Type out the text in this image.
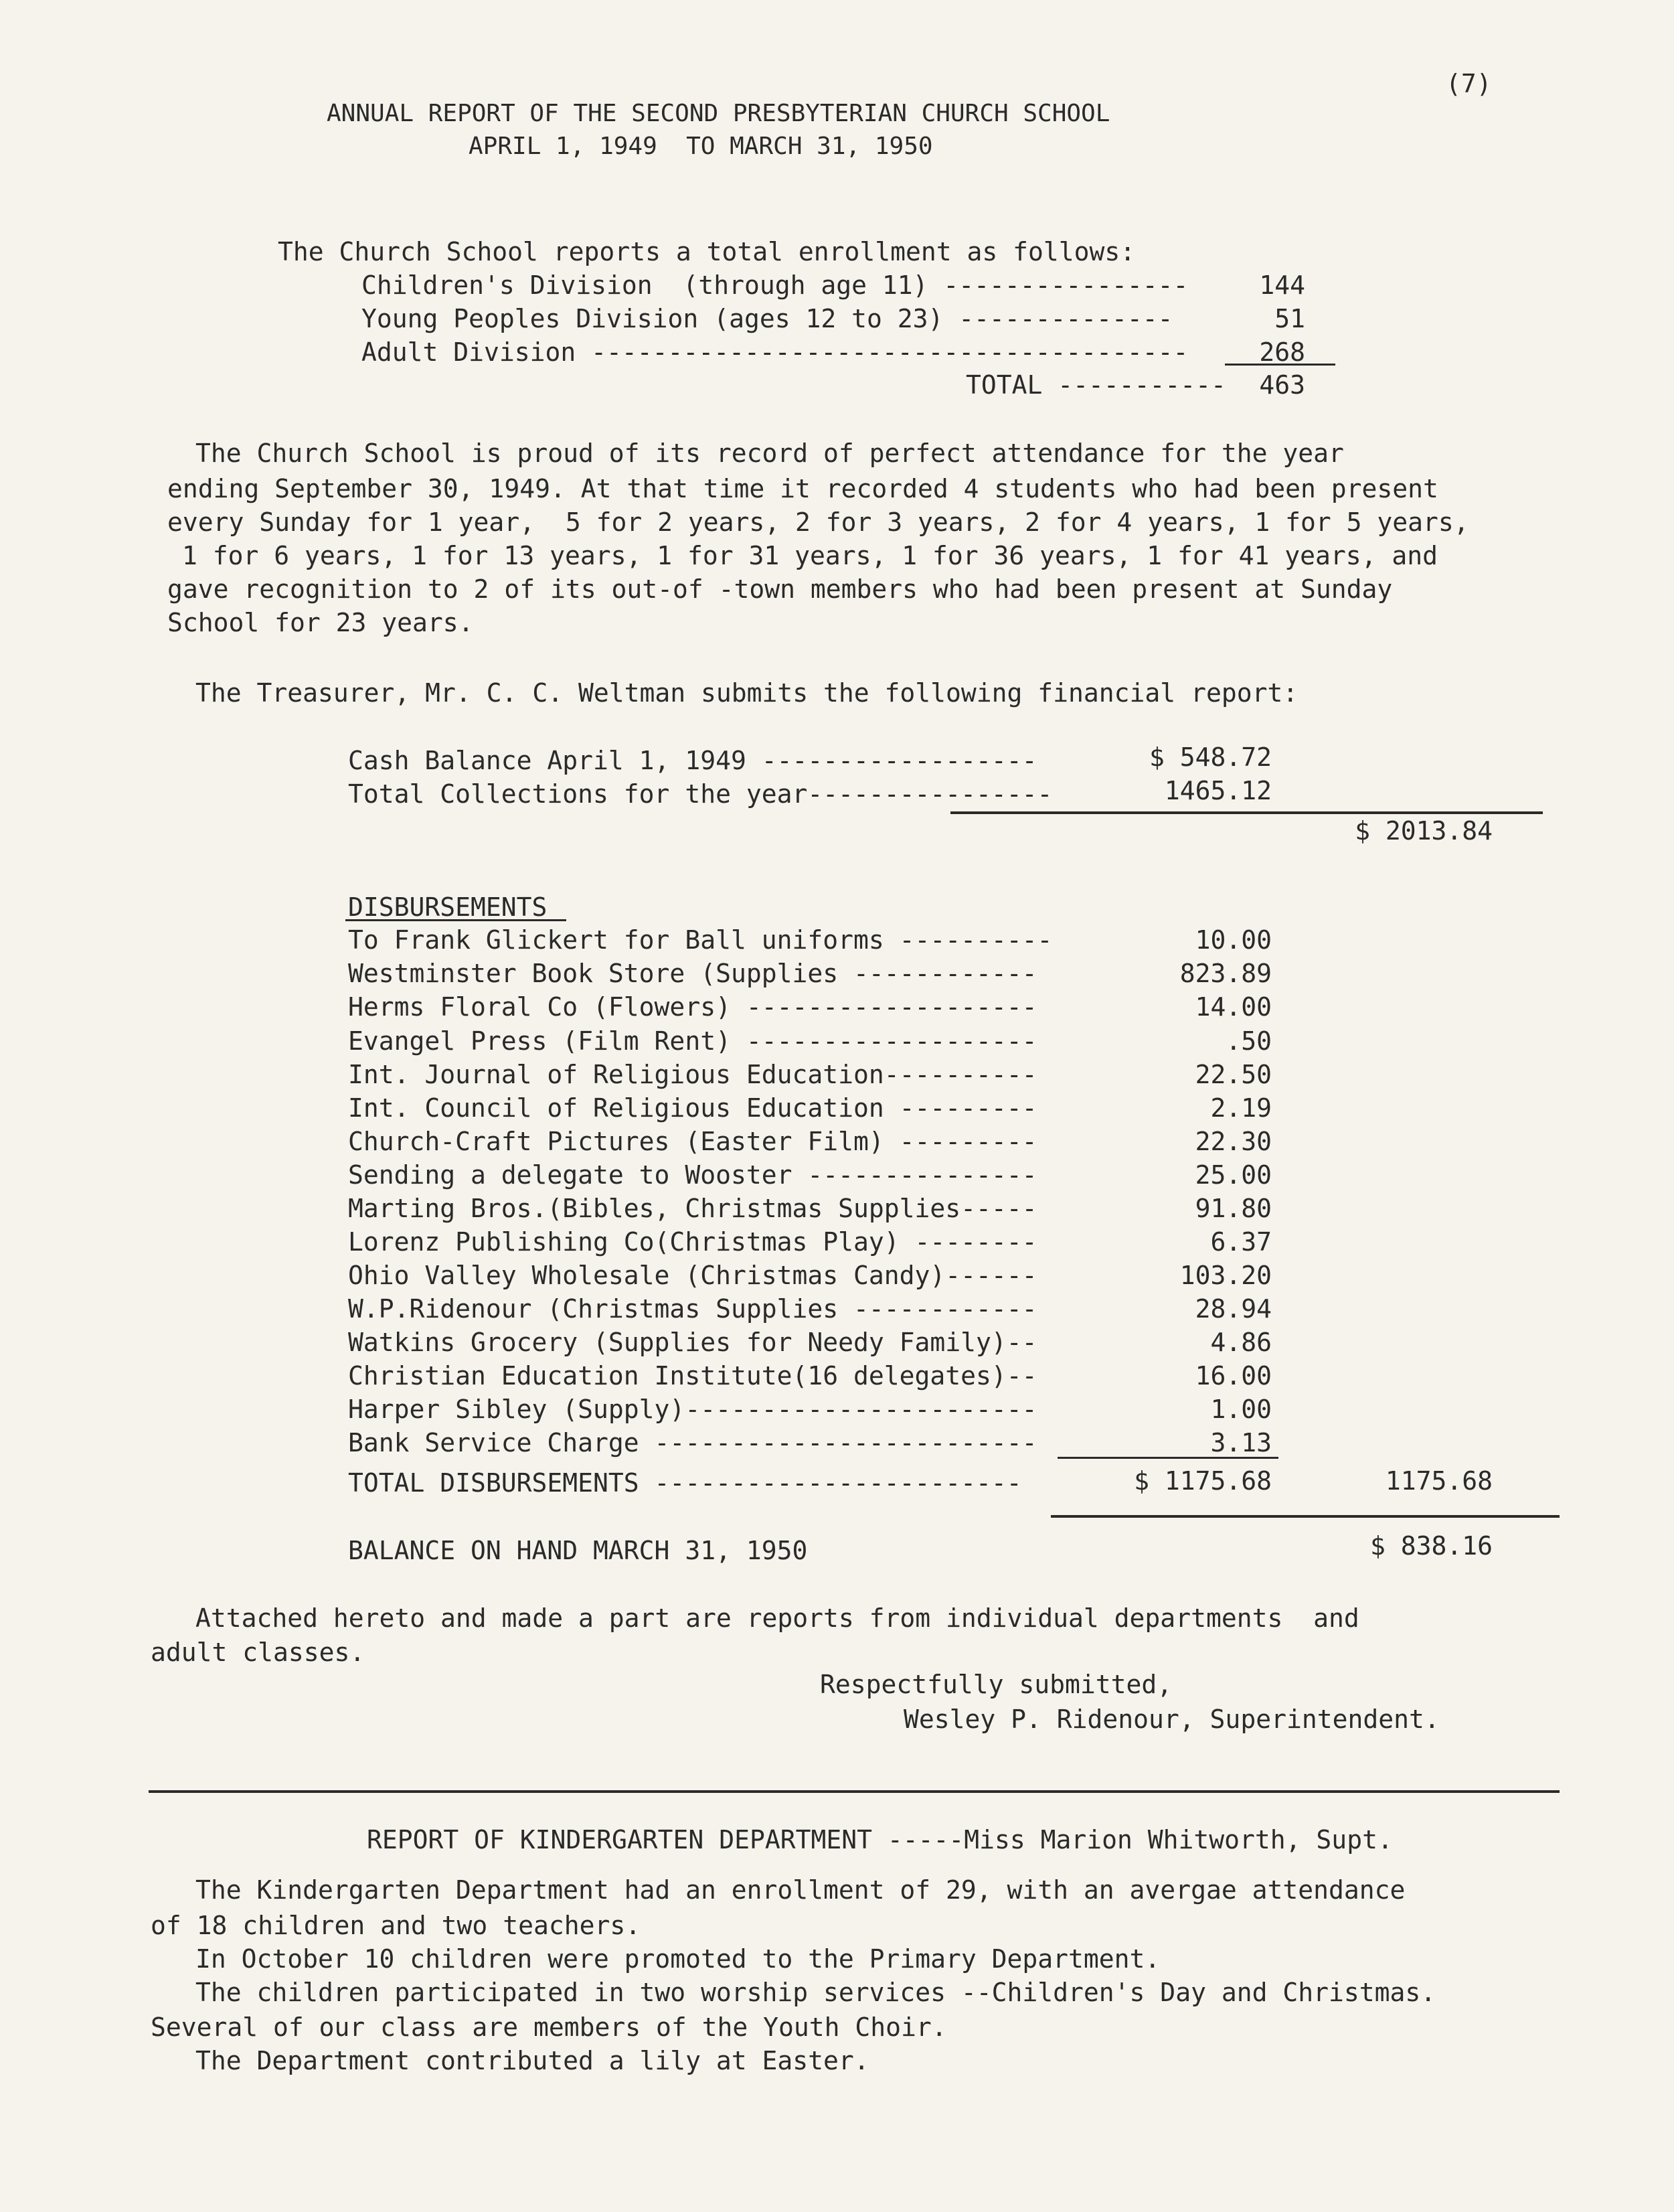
(7)
ANNUAL REPORT OF THE SECOND PRESBYTERIAN CHURCH SCHOOL
APRIL 1, 1949  TO MARCH 31, 1950
The Church School reports a total enrollment as follows:
Children's Division  (through age 11) ----------------	144
Young Peoples Division (ages 12 to 23) --------------	51
Adult Division ---------------------------------------	268
TOTAL -----------	463
The Church School is proud of its record of perfect attendance for the year
ending September 30, 1949. At that time it recorded 4 students who had been present
every Sunday for 1 year,  5 for 2 years, 2 for 3 years, 2 for 4 years, 1 for 5 years,
1 for 6 years, 1 for 13 years, 1 for 31 years, 1 for 36 years, 1 for 41 years, and
gave recognition to 2 of its out-of -town members who had been present at Sunday
School for 23 years.
The Treasurer, Mr. C. C. Weltman submits the following financial report:
Cash Balance April 1, 1949 ------------------	$ 548.72
Total Collections for the year----------------	1465.12
$ 2013.84
DISBURSEMENTS
To Frank Glickert for Ball uniforms ----------	10.00
Westminster Book Store (Supplies ------------	823.89
Herms Floral Co (Flowers) -------------------	14.00
Evangel Press (Film Rent) -------------------	.50
Int. Journal of Religious Education----------	22.50
Int. Council of Religious Education ---------	2.19
Church-Craft Pictures (Easter Film) ---------	22.30
Sending a delegate to Wooster ---------------	25.00
Marting Bros.(Bibles, Christmas Supplies-----	91.80
Lorenz Publishing Co(Christmas Play) --------	6.37
Ohio Valley Wholesale (Christmas Candy)------	103.20
W.P.Ridenour (Christmas Supplies ------------	28.94
Watkins Grocery (Supplies for Needy Family)--	4.86
Christian Education Institute(16 delegates)--	16.00
Harper Sibley (Supply)-----------------------	1.00
Bank Service Charge -------------------------	3.13
TOTAL DISBURSEMENTS ------------------------	$ 1175.68	1175.68
BALANCE ON HAND MARCH 31, 1950	$ 838.16
Attached hereto and made a part are reports from individual departments  and
adult classes.
Respectfully submitted,
Wesley P. Ridenour, Superintendent.
REPORT OF KINDERGARTEN DEPARTMENT -----Miss Marion Whitworth, Supt.
The Kindergarten Department had an enrollment of 29, with an avergae attendance
of 18 children and two teachers.
In October 10 children were promoted to the Primary Department.
The children participated in two worship services --Children's Day and Christmas.
Several of our class are members of the Youth Choir.
The Department contributed a lily at Easter.
